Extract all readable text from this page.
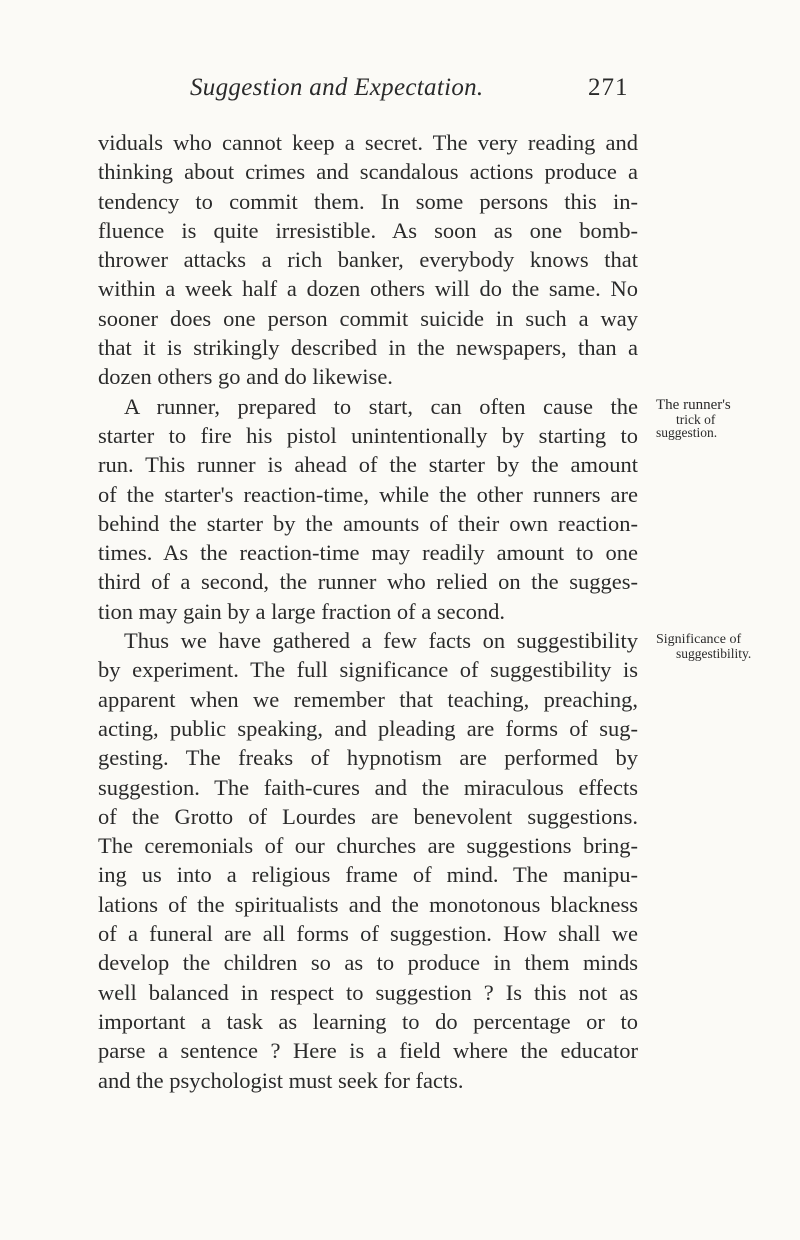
Suggestion and Expectation.	271
viduals who cannot keep a secret. The very reading and
thinking about crimes and scandalous actions produce a
tendency to commit them. In some persons this in-
fluence is quite irresistible. As soon as one bomb-
thrower attacks a rich banker, everybody knows that
within a week half a dozen others will do the same. No
sooner does one person commit suicide in such a way
that it is strikingly described in the newspapers, than a
dozen others go and do likewise.
A runner, prepared to start, can often cause the
starter to fire his pistol unintentionally by starting to
run. This runner is ahead of the starter by the amount
of the starter's reaction-time, while the other runners are
behind the starter by the amounts of their own reaction-
times. As the reaction-time may readily amount to one
third of a second, the runner who relied on the sugges-
tion may gain by a large fraction of a second.
Thus we have gathered a few facts on suggestibility
by experiment. The full significance of suggestibility is
apparent when we remember that teaching, preaching,
acting, public speaking, and pleading are forms of sug-
gesting. The freaks of hypnotism are performed by
suggestion. The faith-cures and the miraculous effects
of the Grotto of Lourdes are benevolent suggestions.
The ceremonials of our churches are suggestions bring-
ing us into a religious frame of mind. The manipu-
lations of the spiritualists and the monotonous blackness
of a funeral are all forms of suggestion. How shall we
develop the children so as to produce in them minds
well balanced in respect to suggestion ? Is this not as
important a task as learning to do percentage or to
parse a sentence ? Here is a field where the educator
and the psychologist must seek for facts.
The runner's
trick of
suggestion.
Significance of
suggestibility.
